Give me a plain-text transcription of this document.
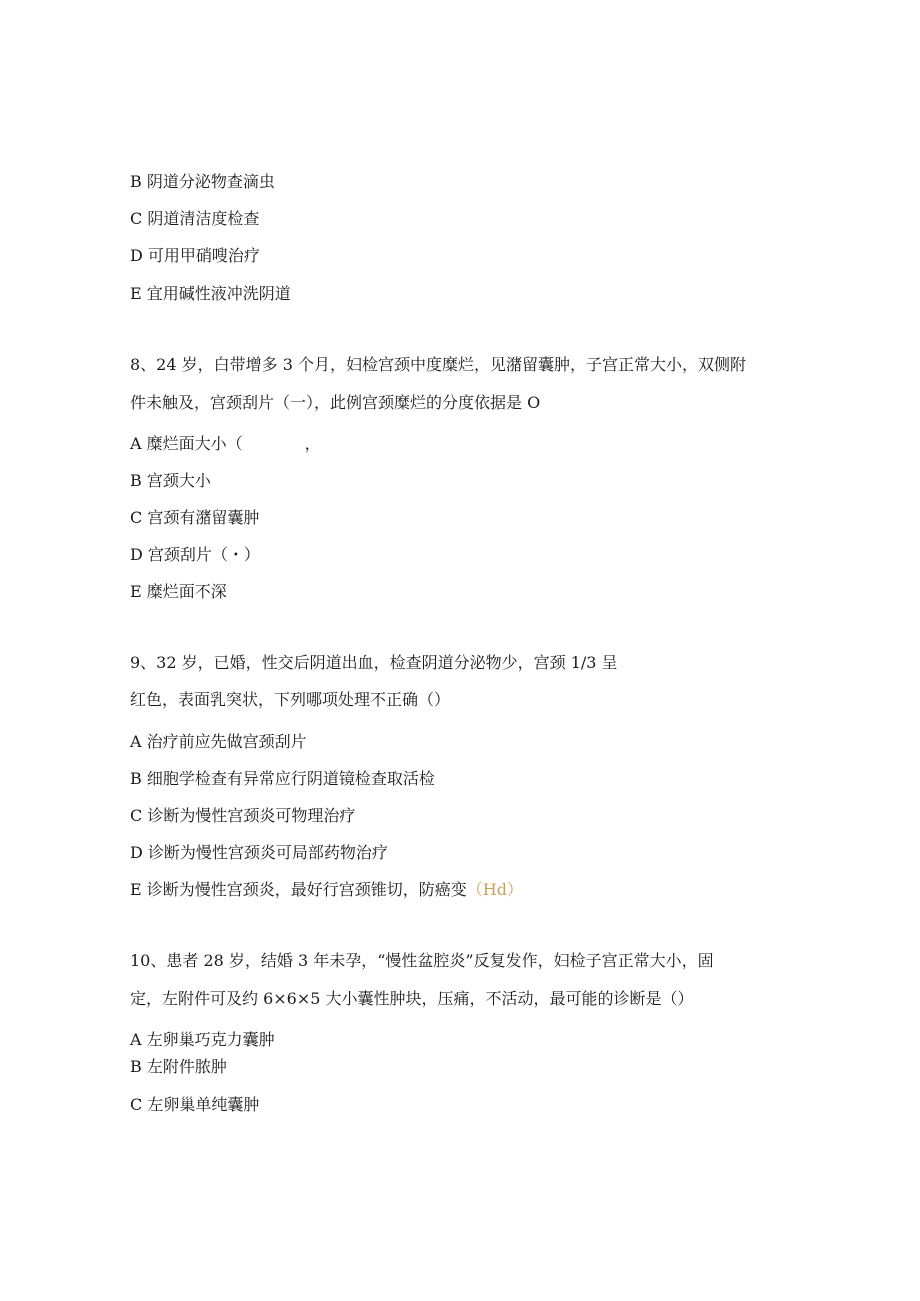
B 阴道分泌物查滴虫
C 阴道清洁度检查
D 可用甲硝嗖治疗
E 宜用碱性液冲洗阴道
8、24 岁，白带增多 3 个月，妇检宫颈中度糜烂，见潴留囊肿，子宫正常大小，双侧附
件未触及，宫颈刮片（一），此例宫颈糜烂的分度依据是 O
A 糜烂面大小（	，
B 宫颈大小
C 宫颈有潴留囊肿
D 宫颈刮片（・）
E 糜烂面不深
9、32 岁，已婚，性交后阴道出血，检查阴道分泌物少，宫颈 1/3 呈
红色，表面乳突状，下列哪项处理不正确（）
A 治疗前应先做宫颈刮片
B 细胞学检查有异常应行阴道镜检查取活检
C 诊断为慢性宫颈炎可物理治疗
D 诊断为慢性宫颈炎可局部药物治疗
E 诊断为慢性宫颈炎，最好行宫颈锥切，防癌变（Hd）
10、患者 28 岁，结婚 3 年未孕，“慢性盆腔炎”反复发作，妇检子宫正常大小，固
定，左附件可及约 6×6×5 大小囊性肿块，压痛，不活动，最可能的诊断是（）
A 左卵巢巧克力囊肿
B 左附件脓肿
C 左卵巢单纯囊肿
